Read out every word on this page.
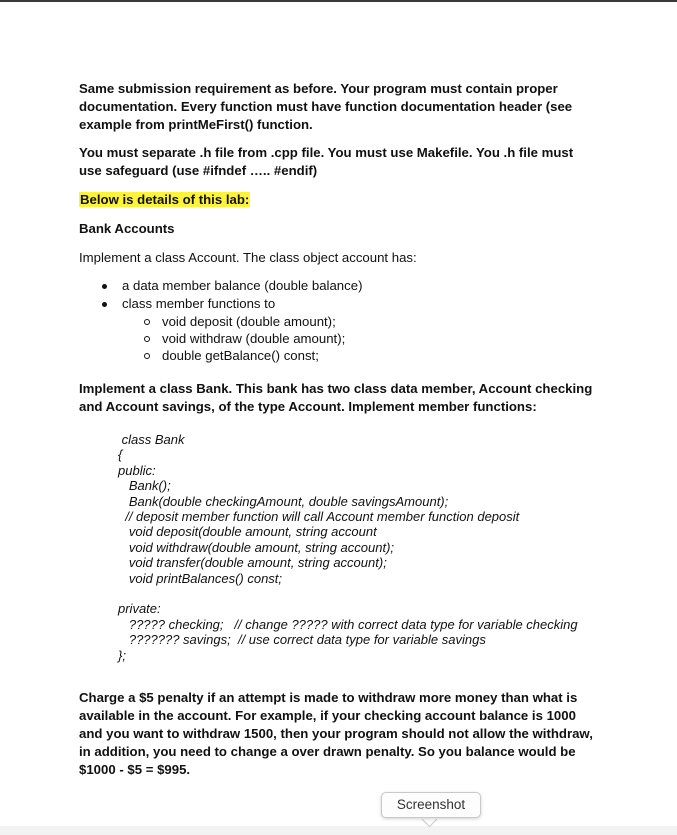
Same submission requirement as before. Your program must contain proper documentation. Every function must have function documentation header (see example from printMeFirst() function.

You must separate .h file from .cpp file. You must use Makefile. You .h file must use safeguard (use #ifndef ….. #endif)

Below is details of this lab:

Bank Accounts

Implement a class Account. The class object account has:

a data member balance (double balance)
class member functions to
void deposit (double amount);
void withdraw (double amount);
double getBalance() const;

Implement a class Bank. This bank has two class data member, Account checking and Account savings, of the type Account. Implement member functions:

class Bank
{
public:
Bank();
Bank(double checkingAmount, double savingsAmount);
// deposit member function will call Account member function deposit
void deposit(double amount, string account
void withdraw(double amount, string account);
void transfer(double amount, string account);
void printBalances() const;
private:
????? checking;   // change ????? with correct data type for variable checking
??????? savings;  // use correct data type for variable savings
};

Charge a $5 penalty if an attempt is made to withdraw more money than what is available in the account. For example, if your checking account balance is 1000 and you want to withdraw 1500, then your program should not allow the withdraw, in addition, you need to change a over drawn penalty. So you balance would be $1000 - $5 = $995.

Screenshot
